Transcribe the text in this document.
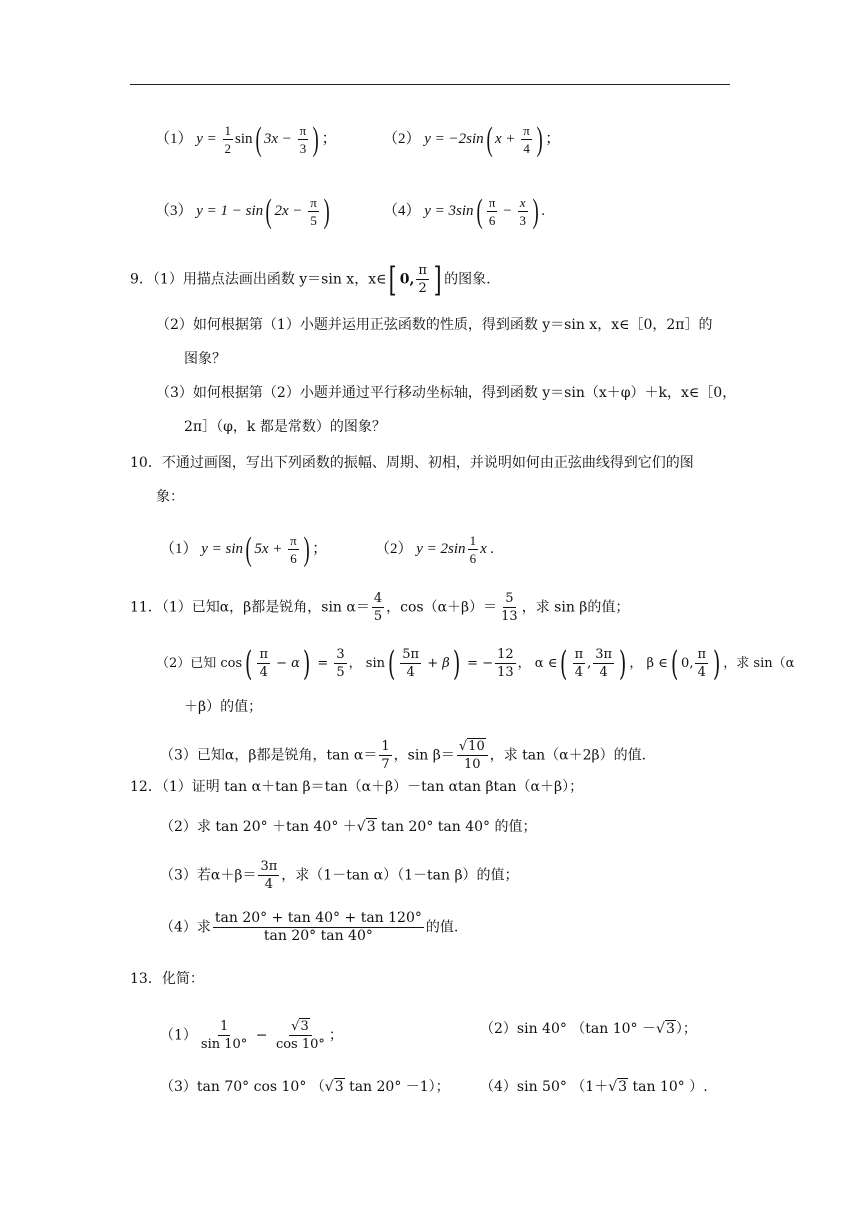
（1） $y = \frac{1}{2} \sin$( $3x - \frac{\pi}{3}$ ) ；	（2） y = −2sin( $x + \frac{\pi}{4}$ ) ；
（3） y = 1 − sin( $2x - \frac{\pi}{5}$ )	（4） $y = 3\sin( \frac{\pi}{6} - \frac{x}{3}$ ) .
9．（1）用描点法画出函数 y＝sin x，x∈[ 0, $\frac{\pi}{2}$ ] 的图象.
（2）如何根据第（1）小题并运用正弦函数的性质，得到函数 y＝sin x，x∈［0，2π］的
图象？
（3）如何根据第（2）小题并通过平行移动坐标轴，得到函数 y＝sin（x＋φ）＋k，x∈［0，
2π］（φ，k 都是常数）的图象？
10．不通过画图，写出下列函数的振幅、周期、初相，并说明如何由正弦曲线得到它们的图
象：
（1） y = sin( $5x + \frac{\pi}{6}$ ) ；	（2） $y = 2\sin \frac{1}{6}$ x .
11．（1）已知α，β都是锐角，$\sin \alpha= \frac{4}{5}$ ，$\cos(\alpha+\beta)= \frac{5}{13}$ ，求 sin β的值；
（2）已知 $\cos( \frac{\pi}{4} - \alpha) = \frac{3}{5}$ ， $\sin( \frac{5\pi}{4} + \beta)$ = − $\frac{12}{13}$ ， α ∈( $\frac{\pi}{4}$ , $\frac{3\pi}{4}$ ) ， β ∈( 0, $\frac{\pi}{4}$ ) ，求 sin（α
＋β）的值；
（3）已知α，β都是锐角，$\tan \alpha= \frac{1}{7}$ ，$\sin \beta= \frac{√10}{10}$ ，求 tan（α＋2β）的值.
12．（1）证明 tan α＋tan β＝tan（α＋β）－tan αtan βtan（α＋β）；
（2）求 tan 20° ＋tan 40° ＋√3 tan 20° tan 40° 的值；
（3）若$\alpha+\beta= \frac{3\pi}{4}$ ，求（1－tan α）（1－tan β）的值；
（4）求 $\frac{\tan 20^\circ + \tan 40^\circ + \tan 120^\circ}{\tan 20^\circ \tan 40^\circ}$ 的值.
13．化简：
$(1) \frac{1}{\sin 10^\circ} - \frac{√3}{\cos 10^\circ}$ ；	（2）sin 40° （tan 10° －√3）；
（3）tan 70° cos 10° （√3 tan 20° －1）； （4）sin 50° （1＋√3 tan 10° ）.
